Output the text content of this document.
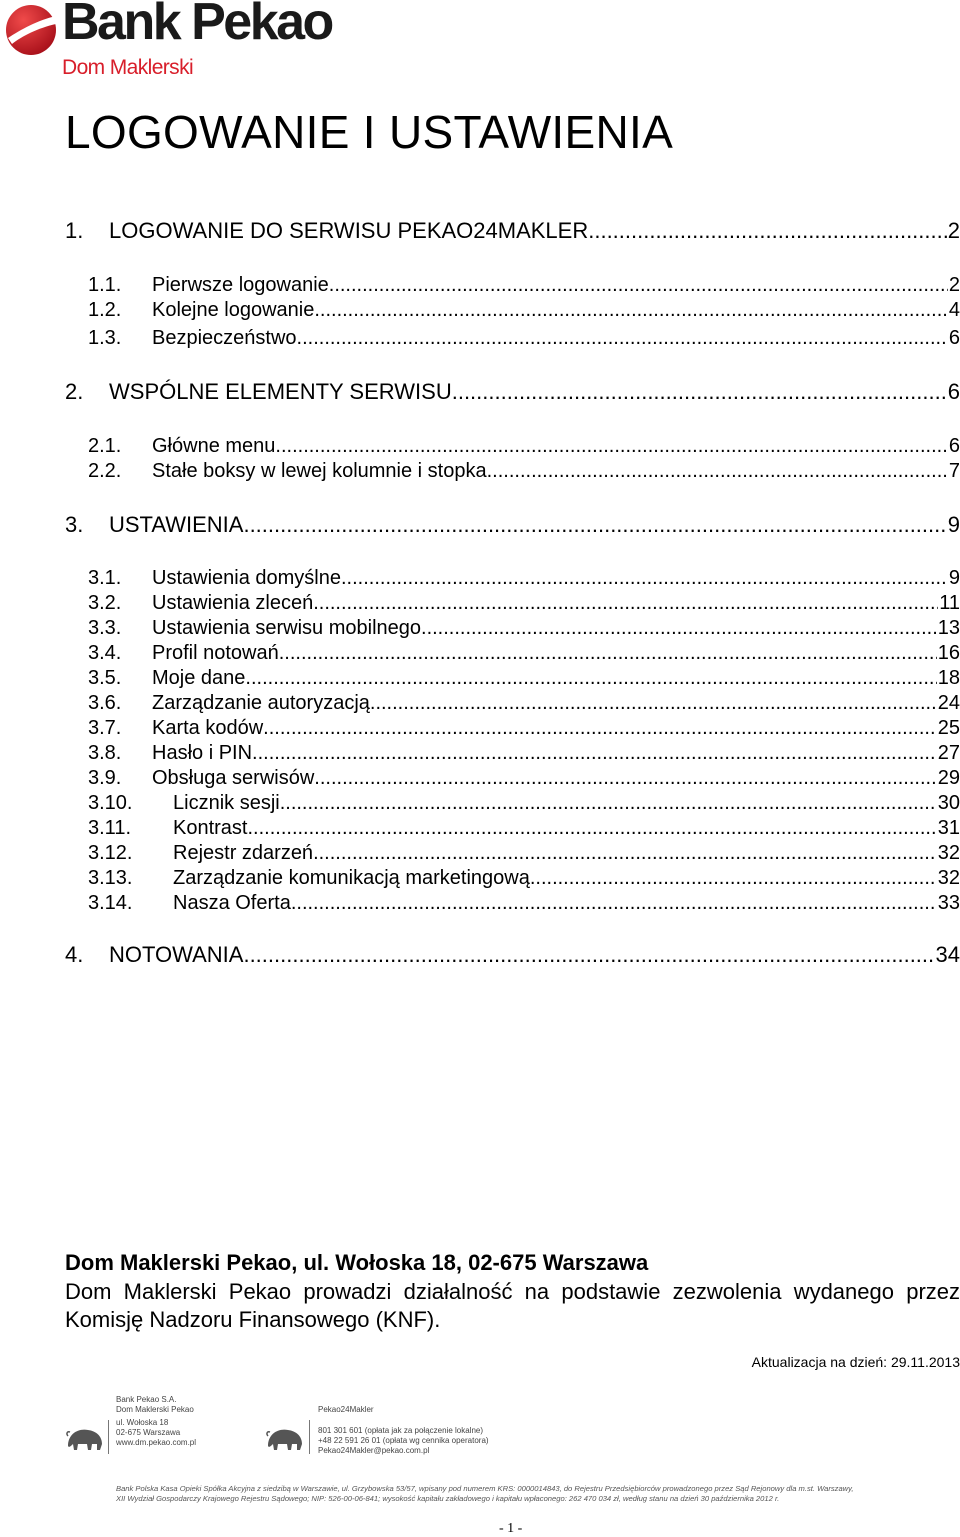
Bank Pekao
Dom Maklerski
LOGOWANIE I USTAWIENIA
1.	LOGOWANIE DO SERWISU PEKAO24MAKLER .....	2
1.1.	Pierwsze logowanie .....	2
1.2.	Kolejne logowanie .....	4
1.3.	Bezpieczeństwo .....	6
2.	WSPÓLNE ELEMENTY SERWISU .....	6
2.1.	Główne menu .....	6
2.2.	Stałe boksy w lewej kolumnie i stopka .....	7
3.	USTAWIENIA .....	9
3.1.	Ustawienia domyślne .....	9
3.2.	Ustawienia zleceń .....	11
3.3.	Ustawienia serwisu mobilnego .....	13
3.4.	Profil notowań .....	16
3.5.	Moje dane .....	18
3.6.	Zarządzanie autoryzacją .....	24
3.7.	Karta kodów .....	25
3.8.	Hasło i PIN .....	27
3.9.	Obsługa serwisów .....	29
3.10.	Licznik sesji .....	30
3.11.	Kontrast .....	31
3.12.	Rejestr zdarzeń .....	32
3.13.	Zarządzanie komunikacją marketingową .....	32
3.14.	Nasza Oferta .....	33
4.	NOTOWANIA .....	34
Dom Maklerski Pekao, ul. Wołoska 18, 02-675 Warszawa

Dom Maklerski Pekao prowadzi działalność na podstawie zezwolenia wydanego przez Komisję Nadzoru Finansowego (KNF).

Aktualizacja na dzień: 29.11.2013
Bank Pekao S.A.
Dom Maklerski Pekao
ul. Wołoska 18
02-675 Warszawa
www.dm.pekao.com.pl
Pekao24Makler
801 301 601 (opłata jak za połączenie lokalne)
+48 22 591 26 01 (opłata wg cennika operatora)
Pekao24Makler@pekao.com.pl
Bank Polska Kasa Opieki Spółka Akcyjna z siedzibą w Warszawie, ul. Grzybowska 53/57, wpisany pod numerem KRS: 0000014843, do Rejestru Przedsiębiorców prowadzonego przez Sąd Rejonowy dla m.st. Warszawy,
XII Wydział Gospodarczy Krajowego Rejestru Sądowego; NIP: 526-00-06-841; wysokość kapitału zakładowego i kapitału wpłaconego: 262 470 034 zł, według stanu na dzień 30 października 2012 r.
- 1 -
